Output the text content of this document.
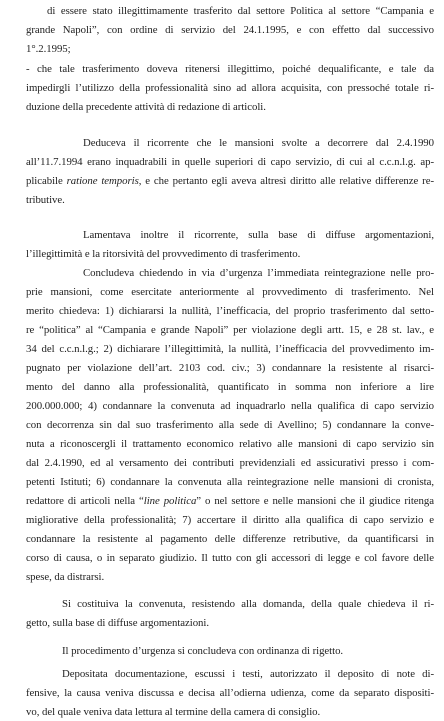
di essere stato illegittimamente trasferito dal settore Politica al settore “Campania e
grande Napoli”, con ordine di servizio del 24.1.1995, e con effetto dal successivo
1°.2.1995;
- che tale trasferimento doveva ritenersi illegittimo, poiché dequalificante, e tale da
impedirgli l’utilizzo della professionalità sino ad allora acquisita, con pressoché totale ri-
duzione della precedente attività di redazione di articoli.
Deduceva il ricorrente che le mansioni svolte a decorrere dal 2.4.1990
all’11.7.1994 erano inquadrabili in quelle superiori di capo servizio, di cui al c.c.n.l.g. ap-
plicabile ratione temporis, e che pertanto egli aveva altresì diritto alle relative differenze re-
tributive.
Lamentava inoltre il ricorrente, sulla base di diffuse argomentazioni,
l’illegittimità e la ritorsività del provvedimento di trasferimento.
Concludeva chiedendo in via d’urgenza l’immediata reintegrazione nelle pro-
prie mansioni, come esercitate anteriormente al provvedimento di trasferimento. Nel
merito chiedeva: 1) dichiararsi la nullità, l’inefficacia, del proprio trasferimento dal setto-
re “politica” al “Campania e grande Napoli” per violazione degli artt. 15, e 28 st. lav., e
34 del c.c.n.l.g.; 2) dichiarare l’illegittimità, la nullità, l’inefficacia del provvedimento im-
pugnato per violazione dell’art. 2103 cod. civ.; 3) condannare la resistente al risarci-
mento del danno alla professionalità, quantificato in somma non inferiore a lire
200.000.000; 4) condannare la convenuta ad inquadrarlo nella qualifica di capo servizio
con decorrenza sin dal suo trasferimento alla sede di Avellino; 5) condannare la conve-
nuta a riconoscergli il trattamento economico relativo alle mansioni di capo servizio sin
dal 2.4.1990, ed al versamento dei contributi previdenziali ed assicurativi presso i com-
petenti Istituti; 6) condannare la convenuta alla reintegrazione nelle mansioni di cronista,
redattore di articoli nella “line politica” o nel settore e nelle mansioni che il giudice ritenga
migliorative della professionalità; 7) accertare il diritto alla qualifica di capo servizio e
condannare la resistente al pagamento delle differenze retributive, da quantificarsi in
corso di causa, o in separato giudizio. Il tutto con gli accessori di legge e col favore delle
spese, da distrarsi.
Si costituiva la convenuta, resistendo alla domanda, della quale chiedeva il ri-
getto, sulla base di diffuse argomentazioni.
Il procedimento d’urgenza si concludeva con ordinanza di rigetto.
Depositata documentazione, escussi i testi, autorizzato il deposito di note di-
fensive, la causa veniva discussa e decisa all’odierna udienza, come da separato dispositi-
vo, del quale veniva data lettura al termine della camera di consiglio.
